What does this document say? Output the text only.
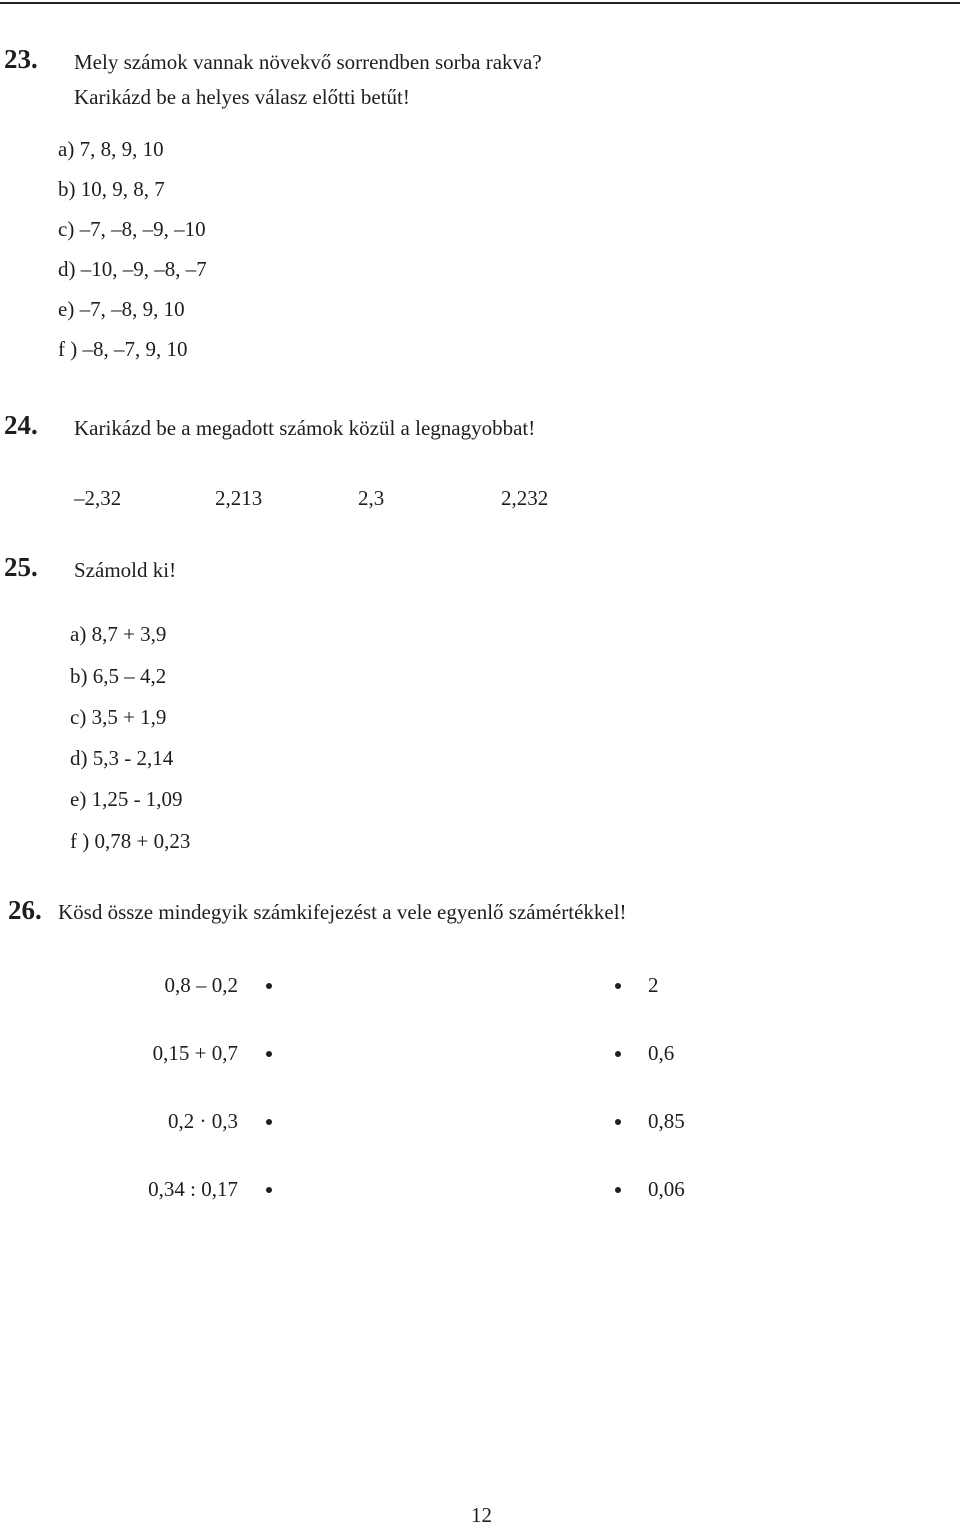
23. Mely számok vannak növekvő sorrendben sorba rakva?
Karikázd be a helyes válasz előtti betűt!
a) 7, 8, 9, 10
b) 10, 9, 8, 7
c) –7, –8, –9, –10
d) –10, –9, –8, –7
e) –7, –8, 9, 10
f ) –8, –7, 9, 10
24. Karikázd be a megadott számok közül a legnagyobbat!
–2,32	2,213	2,3	2,232
25. Számold ki!
a) 8,7 + 3,9
b) 6,5 – 4,2
c) 3,5 + 1,9
d) 5,3 - 2,14
e) 1,25 - 1,09
f ) 0,78 + 0,23
26. Kösd össze mindegyik számkifejezést a vele egyenlő számértékkel!
0,8 – 0,2
0,15 + 0,7
0,2 · 0,3
0,34 : 0,17
2
0,6
0,85
0,06
12
